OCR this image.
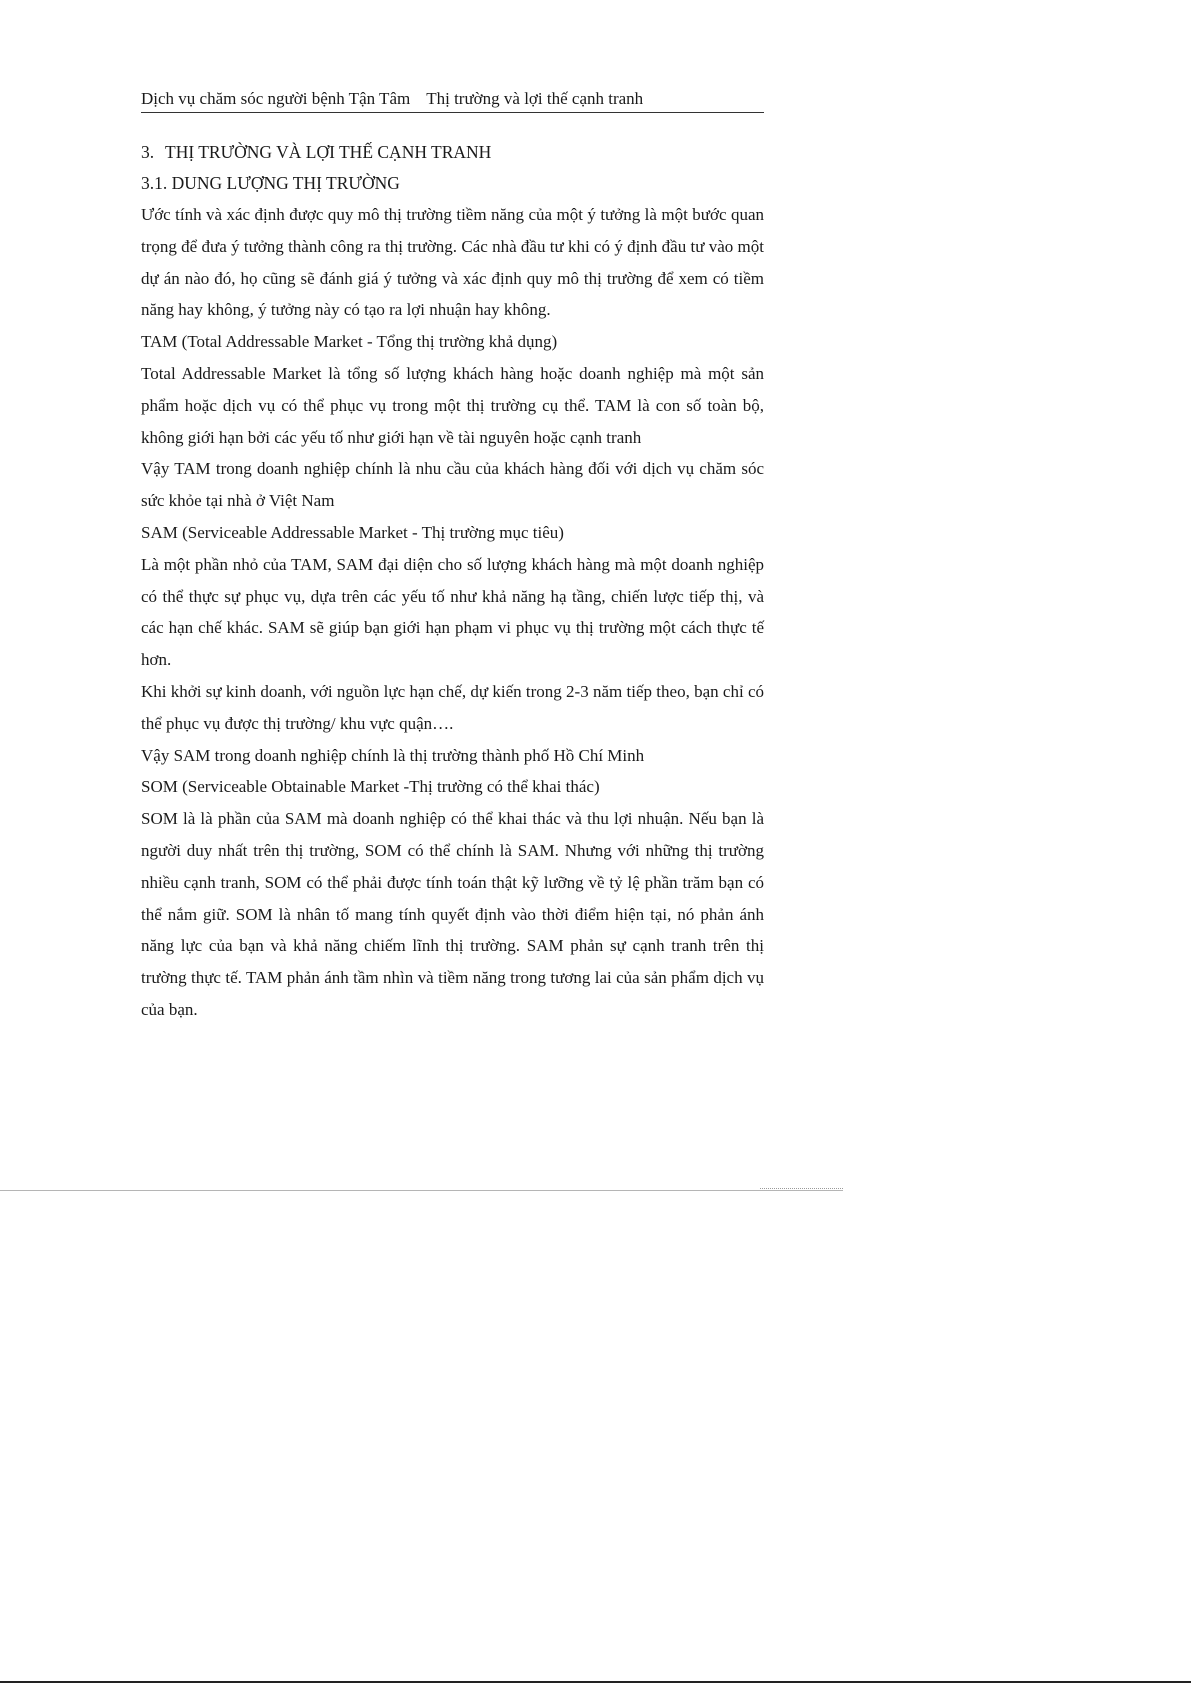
Dịch vụ chăm sóc người bệnh Tận Tâm Thị trường và lợi thế cạnh tranh
3. THỊ TRƯỜNG VÀ LỢI THẾ CẠNH TRANH
3.1. DUNG LƯỢNG THỊ TRƯỜNG

Ước tính và xác định được quy mô thị trường tiềm năng của một ý tưởng là một bước quan trọng để đưa ý tưởng thành công ra thị trường. Các nhà đầu tư khi có ý định đầu tư vào một dự án nào đó, họ cũng sẽ đánh giá ý tưởng và xác định quy mô thị trường để xem có tiềm năng hay không, ý tưởng này có tạo ra lợi nhuận hay không.

TAM (Total Addressable Market - Tổng thị trường khả dụng)

Total Addressable Market là tổng số lượng khách hàng hoặc doanh nghiệp mà một sản phẩm hoặc dịch vụ có thể phục vụ trong một thị trường cụ thể. TAM là con số toàn bộ, không giới hạn bởi các yếu tố như giới hạn về tài nguyên hoặc cạnh tranh

Vậy TAM trong doanh nghiệp chính là nhu cầu của khách hàng đối với dịch vụ chăm sóc sức khỏe tại nhà ở Việt Nam

SAM (Serviceable Addressable Market - Thị trường mục tiêu)

Là một phần nhỏ của TAM, SAM đại diện cho số lượng khách hàng mà một doanh nghiệp có thể thực sự phục vụ, dựa trên các yếu tố như khả năng hạ tầng, chiến lược tiếp thị, và các hạn chế khác. SAM sẽ giúp bạn giới hạn phạm vi phục vụ thị trường một cách thực tế hơn.

Khi khởi sự kinh doanh, với nguồn lực hạn chế, dự kiến trong 2-3 năm tiếp theo, bạn chỉ có thể phục vụ được thị trường/ khu vực quận….

Vậy SAM trong doanh nghiệp chính là thị trường thành phố Hồ Chí Minh

SOM (Serviceable Obtainable Market -Thị trường có thể khai thác)

SOM là là phần của SAM mà doanh nghiệp có thể khai thác và thu lợi nhuận. Nếu bạn là người duy nhất trên thị trường, SOM có thể chính là SAM. Nhưng với những thị trường nhiều cạnh tranh, SOM có thể phải được tính toán thật kỹ lưỡng về tỷ lệ phần trăm bạn có thể nắm giữ. SOM là nhân tố mang tính quyết định vào thời điểm hiện tại, nó phản ánh năng lực của bạn và khả năng chiếm lĩnh thị trường. SAM phản sự cạnh tranh trên thị trường thực tế. TAM phản ánh tầm nhìn và tiềm năng trong tương lai của sản phẩm dịch vụ của bạn.
